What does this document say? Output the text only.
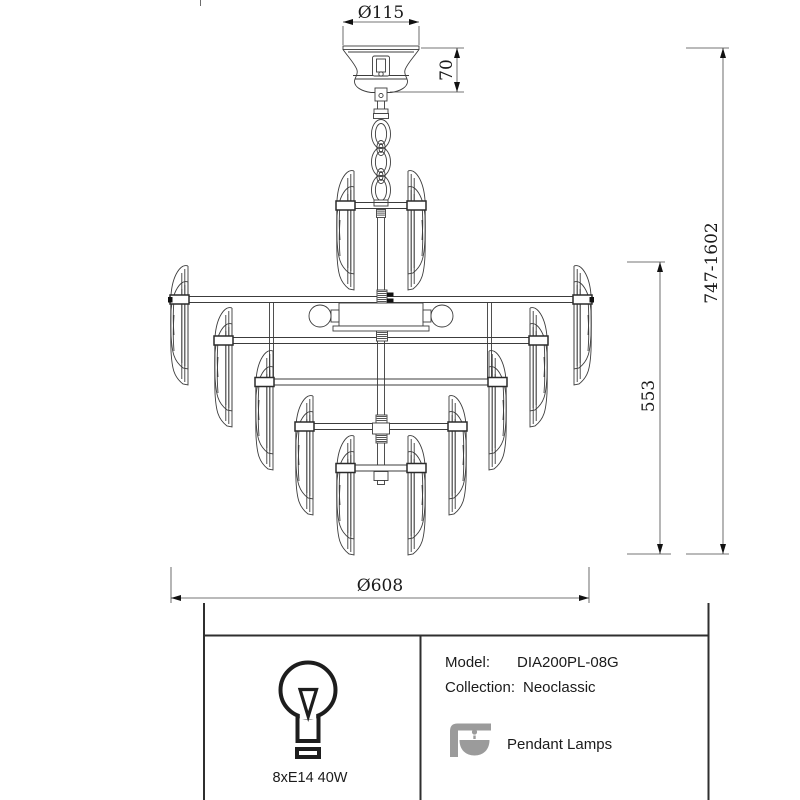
Ø115
70
747-1602
553
Ø608
8xE14 40W
Model: DIA200PL-08G
Collection: Neoclassic
Pendant Lamps
